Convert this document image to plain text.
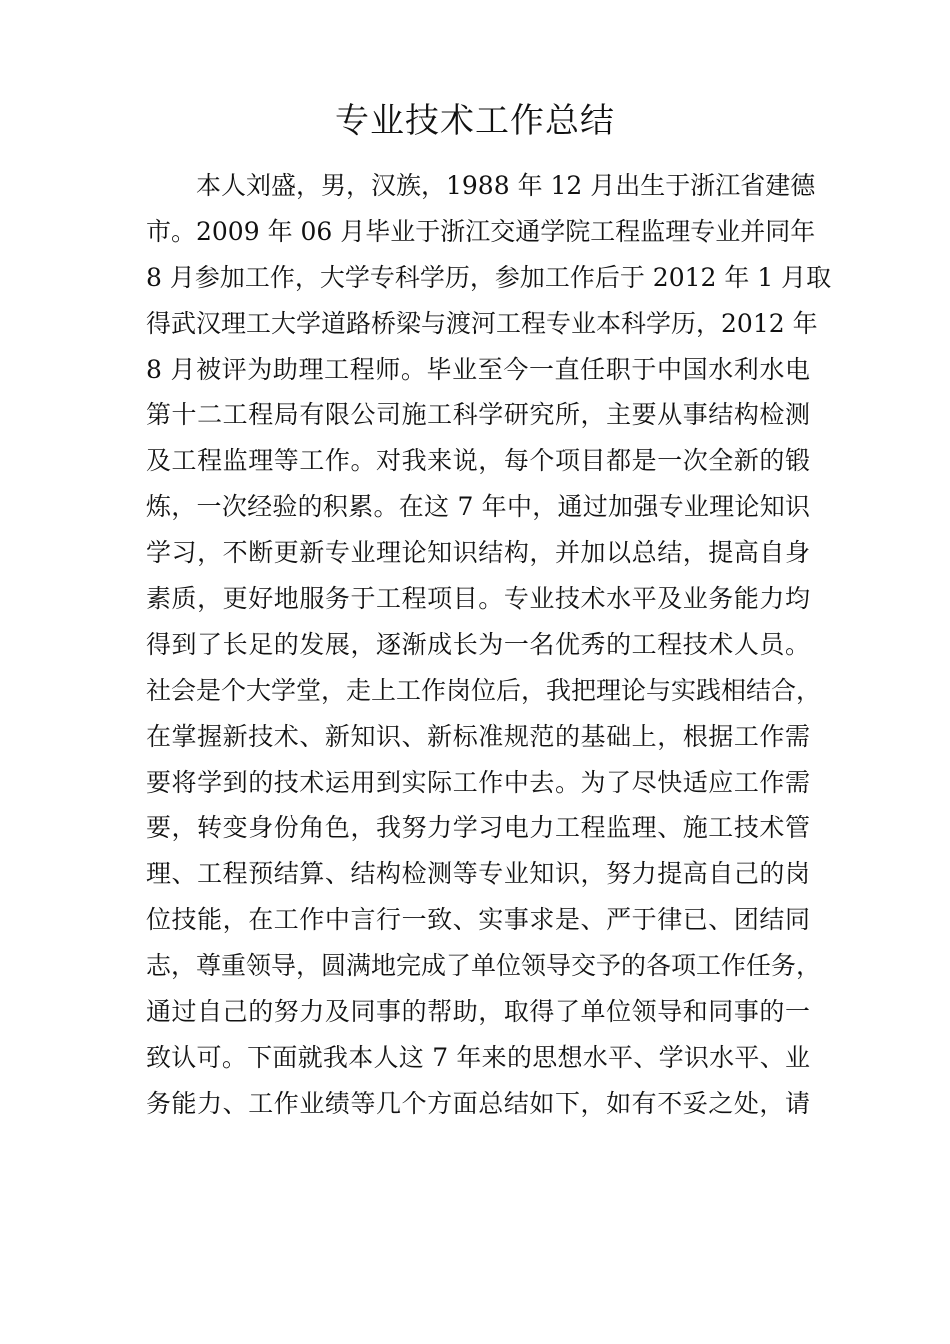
专业技术工作总结
本人刘盛，男，汉族，1988 年 12 月出生于浙江省建德
市。2009 年 06 月毕业于浙江交通学院工程监理专业并同年
8 月参加工作，大学专科学历，参加工作后于 2012 年 1 月取
得武汉理工大学道路桥梁与渡河工程专业本科学历，2012 年
8 月被评为助理工程师。毕业至今一直任职于中国水利水电
第十二工程局有限公司施工科学研究所，主要从事结构检测
及工程监理等工作。对我来说，每个项目都是一次全新的锻
炼，一次经验的积累。在这 7 年中，通过加强专业理论知识
学习，不断更新专业理论知识结构，并加以总结，提高自身
素质，更好地服务于工程项目。专业技术水平及业务能力均
得到了长足的发展，逐渐成长为一名优秀的工程技术人员。
社会是个大学堂，走上工作岗位后，我把理论与实践相结合，
在掌握新技术、新知识、新标准规范的基础上，根据工作需
要将学到的技术运用到实际工作中去。为了尽快适应工作需
要，转变身份角色，我努力学习电力工程监理、施工技术管
理、工程预结算、结构检测等专业知识，努力提高自己的岗
位技能，在工作中言行一致、实事求是、严于律已、团结同
志，尊重领导，圆满地完成了单位领导交予的各项工作任务，
通过自己的努力及同事的帮助，取得了单位领导和同事的一
致认可。下面就我本人这 7 年来的思想水平、学识水平、业
务能力、工作业绩等几个方面总结如下，如有不妥之处，请
